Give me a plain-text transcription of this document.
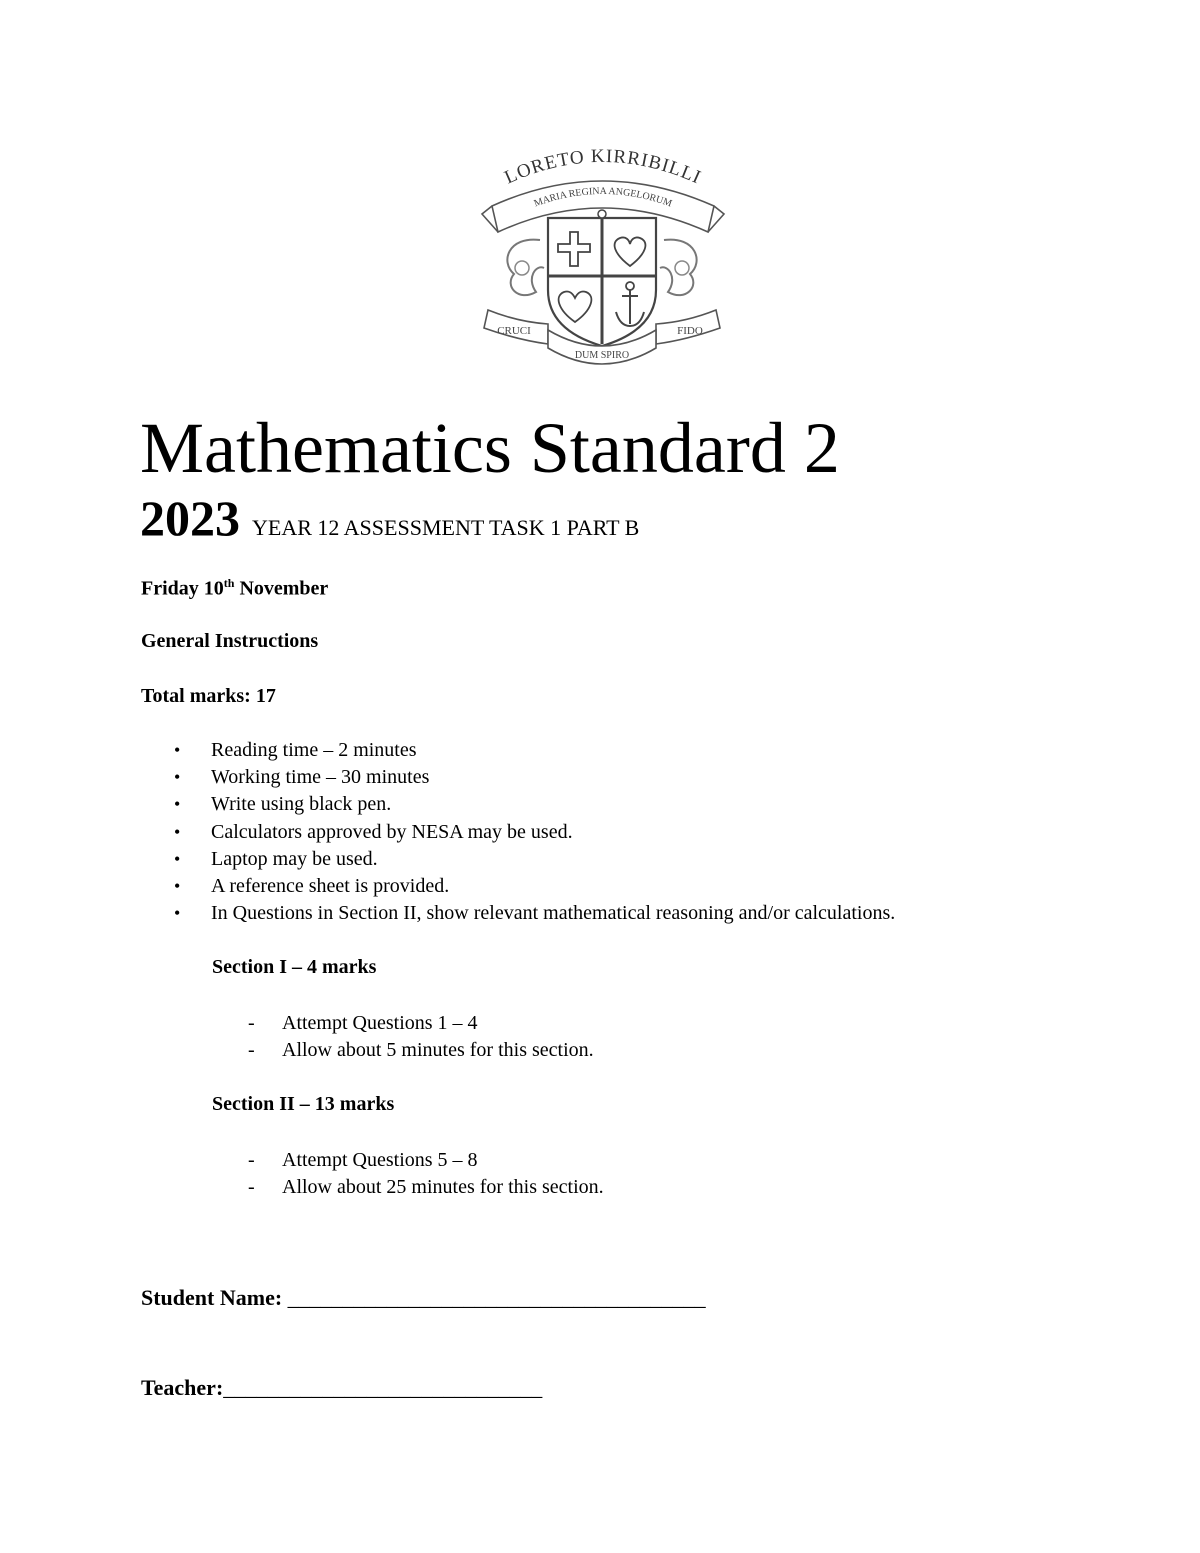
LORETO KIRRIBILLI
MARIA REGINA ANGELORUM
CRUCI
DUM SPIRO
FIDO
Mathematics Standard 2
2023 YEAR 12 ASSESSMENT TASK 1 PART B
Friday 10th November
General Instructions
Total marks: 17
• Reading time – 2 minutes
• Working time – 30 minutes
• Write using black pen.
• Calculators approved by NESA may be used.
• Laptop may be used.
• A reference sheet is provided.
• In Questions in Section II, show relevant mathematical reasoning and/or calculations.
Section I – 4 marks
- Attempt Questions 1 – 4
- Allow about 5 minutes for this section.
Section II – 13 marks
- Attempt Questions 5 – 8
- Allow about 25 minutes for this section.
Student Name: ______________________________________
Teacher:_____________________________
